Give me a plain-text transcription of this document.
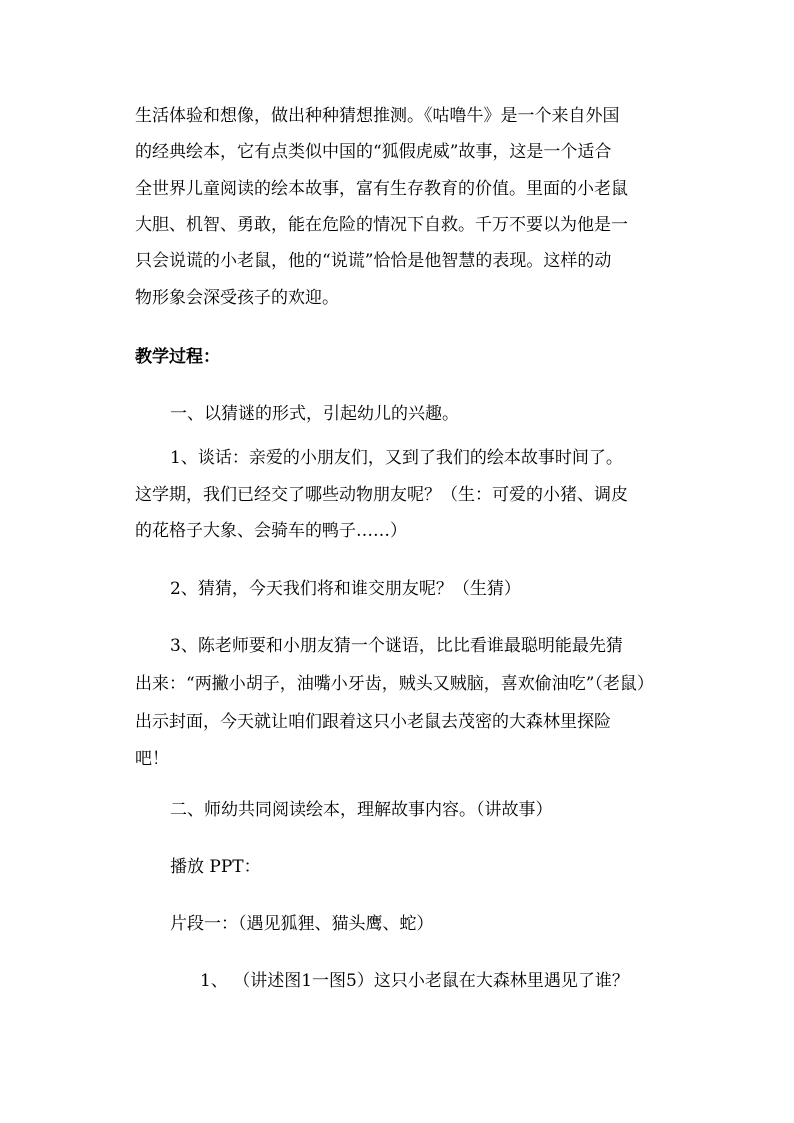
生活体验和想像，做出种种猜想推测。《咕噜牛》是一个来自外国
的经典绘本，它有点类似中国的“狐假虎威”故事，这是一个适合
全世界儿童阅读的绘本故事，富有生存教育的价值。里面的小老鼠
大胆、机智、勇敢，能在危险的情况下自救。千万不要以为他是一
只会说谎的小老鼠，他的“说谎”恰恰是他智慧的表现。这样的动
物形象会深受孩子的欢迎。
教学过程：
一、以猜谜的形式，引起幼儿的兴趣。
1、谈话：亲爱的小朋友们，又到了我们的绘本故事时间了。
这学期，我们已经交了哪些动物朋友呢？（生：可爱的小猪、调皮
的花格子大象、会骑车的鸭子……）
2、猜猜，今天我们将和谁交朋友呢？（生猜）
3、陈老师要和小朋友猜一个谜语，比比看谁最聪明能最先猜
出来：“两撇小胡子，油嘴小牙齿，贼头又贼脑，喜欢偷油吃”（老鼠）
出示封面，今天就让咱们跟着这只小老鼠去茂密的大森林里探险
吧！
二、师幼共同阅读绘本，理解故事内容。（讲故事）
播放 PPT：
片段一：（遇见狐狸、猫头鹰、蛇）
1、 （讲述图1一图5）这只小老鼠在大森林里遇见了谁？
